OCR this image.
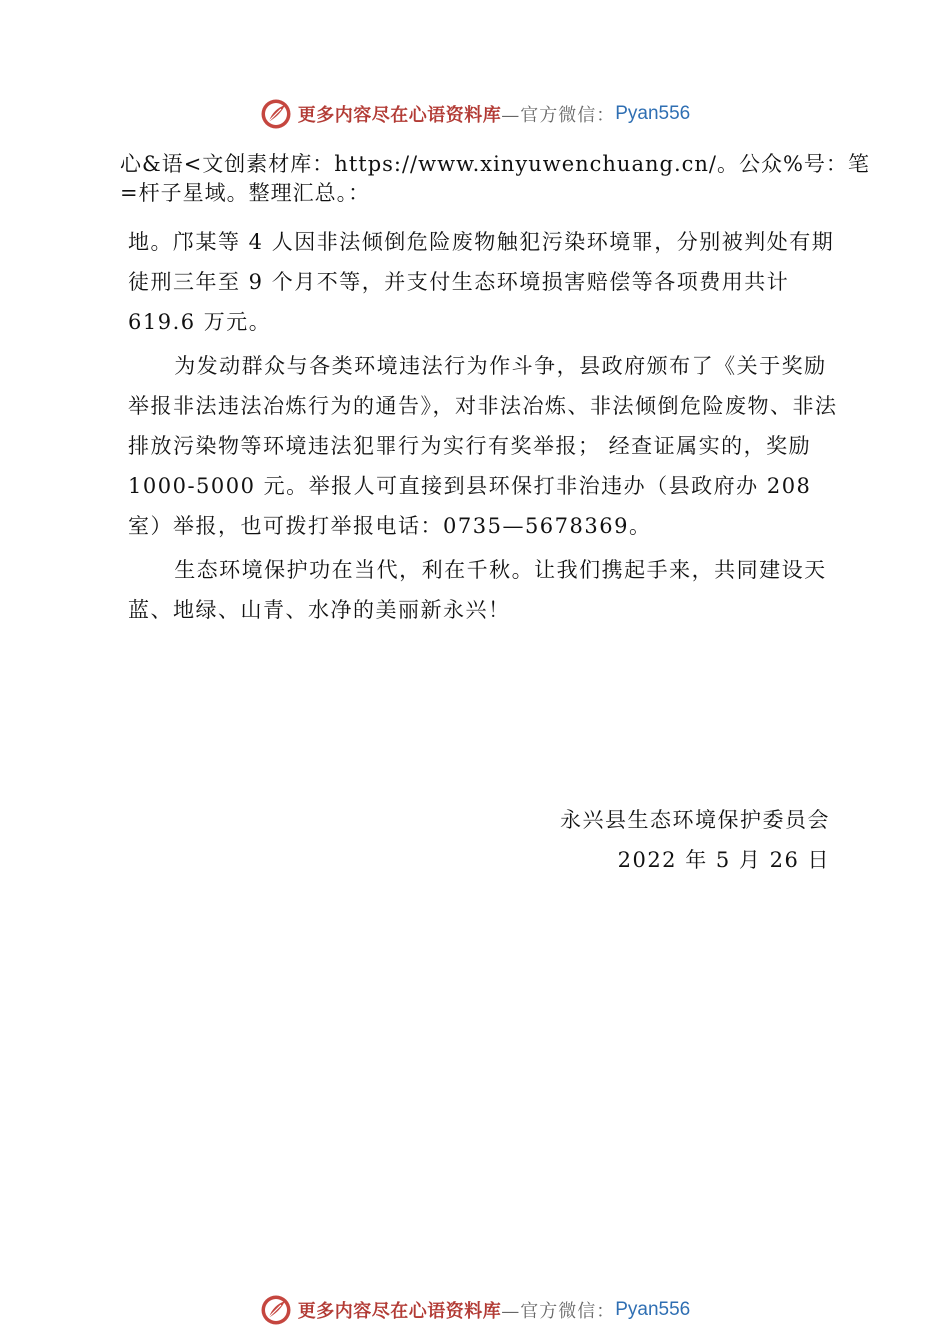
更多内容尽在心语资料库 —官方微信： Pyan556
心&语<文创素材库：https://www.xinyuwenchuang.cn/。公众%号：笔=杆子星域。整理汇总。：

地。邝某等 4 人因非法倾倒危险废物触犯污染环境罪，分别被判处有期徒刑三年至 9 个月不等，并支付生态环境损害赔偿等各项费用共计 619.6 万元。

为发动群众与各类环境违法行为作斗争，县政府颁布了《关于奖励举报非法违法冶炼行为的通告》，对非法冶炼、非法倾倒危险废物、非法排放污染物等环境违法犯罪行为实行有奖举报； 经查证属实的，奖励 1000-5000 元。举报人可直接到县环保打非治违办（县政府办 208 室）举报，也可拨打举报电话：0735—5678369。

生态环境保护功在当代，利在千秋。让我们携起手来，共同建设天蓝、地绿、山青、水净的美丽新永兴！

永兴县生态环境保护委员会
2022 年 5 月 26 日
更多内容尽在心语资料库 —官方微信： Pyan556
